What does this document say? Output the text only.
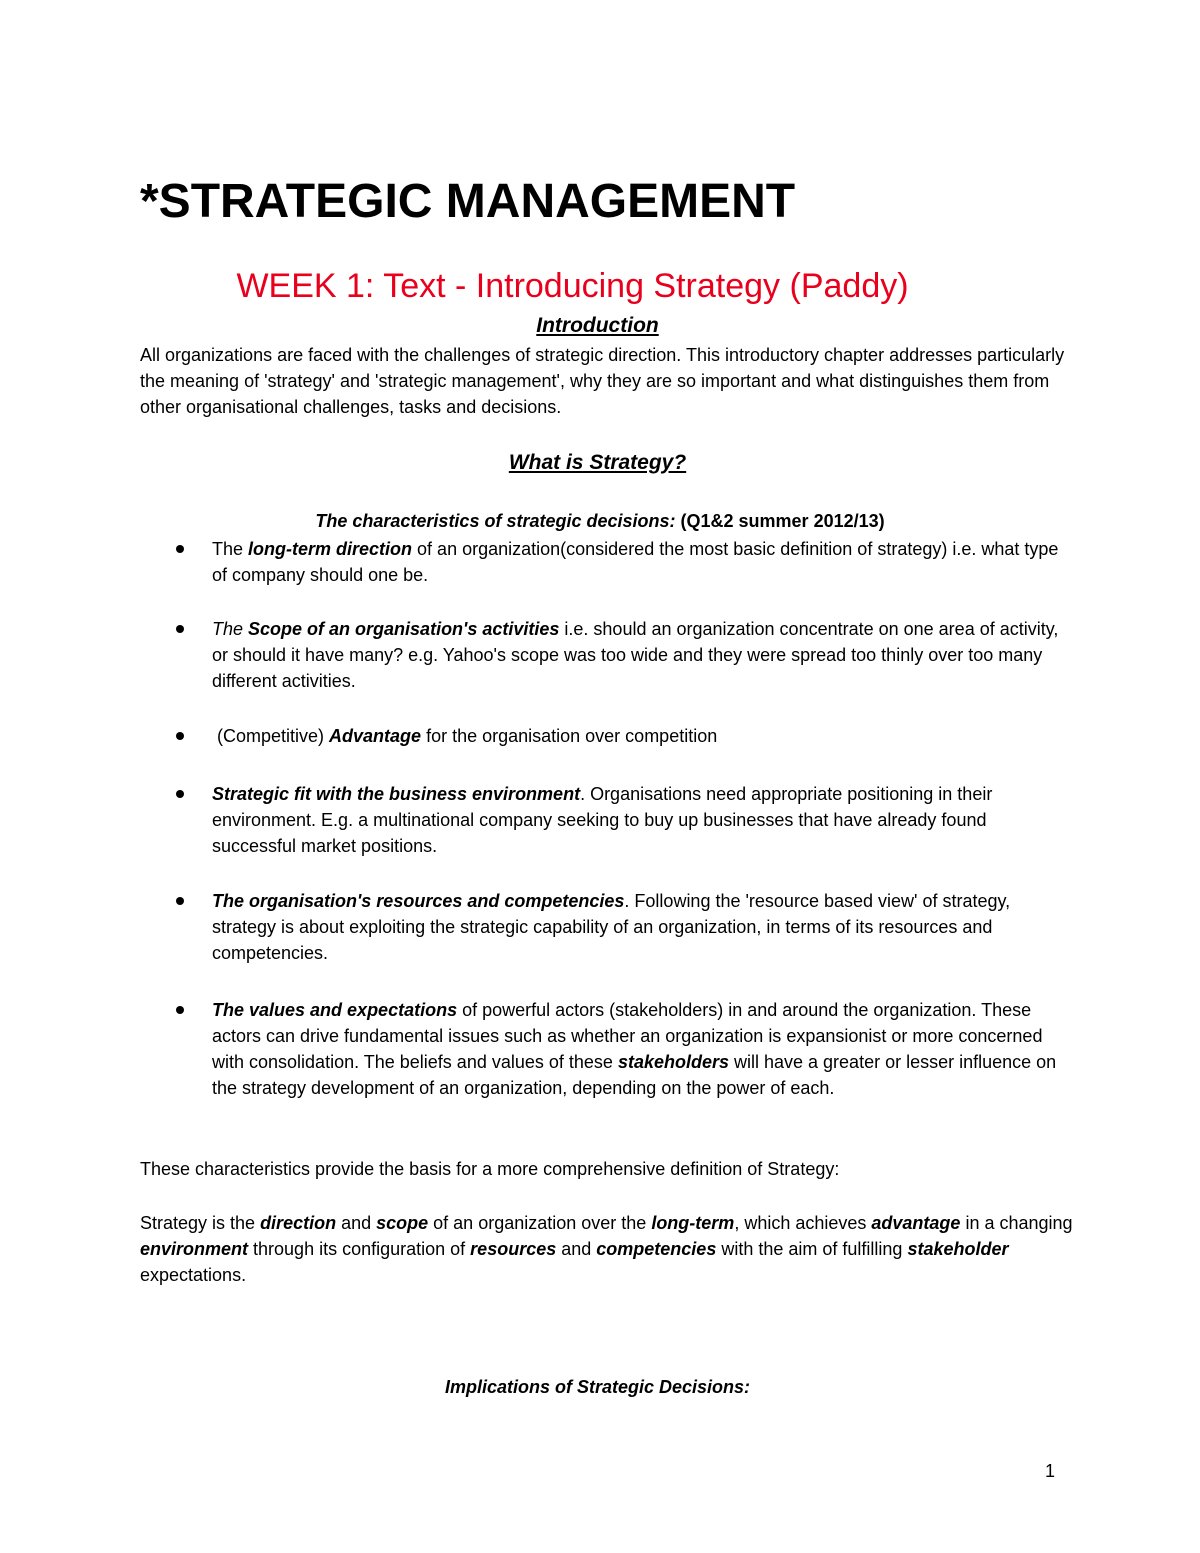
*STRATEGIC MANAGEMENT
WEEK 1: Text - Introducing Strategy (Paddy)
Introduction

All organizations are faced with the challenges of strategic direction. This introductory chapter addresses particularly the meaning of 'strategy' and 'strategic management', why they are so important and what distinguishes them from other organisational challenges, tasks and decisions.

What is Strategy?

The characteristics of strategic decisions: (Q1&2 summer 2012/13)

The long-term direction of an organization(considered the most basic definition of strategy) i.e. what type of company should one be.

The Scope of an organisation's activities i.e. should an organization concentrate on one area of activity, or should it have many? e.g. Yahoo's scope was too wide and they were spread too thinly over too many different activities.

(Competitive) Advantage for the organisation over competition

Strategic fit with the business environment. Organisations need appropriate positioning in their environment. E.g. a multinational company seeking to buy up businesses that have already found successful market positions.

The organisation's resources and competencies. Following the 'resource based view' of strategy, strategy is about exploiting the strategic capability of an organization, in terms of its resources and competencies.

The values and expectations of powerful actors (stakeholders) in and around the organization. These actors can drive fundamental issues such as whether an organization is expansionist or more concerned with consolidation. The beliefs and values of these stakeholders will have a greater or lesser influence on the strategy development of an organization, depending on the power of each.

These characteristics provide the basis for a more comprehensive definition of Strategy:

Strategy is the direction and scope of an organization over the long-term, which achieves advantage in a changing environment through its configuration of resources and competencies with the aim of fulfilling stakeholder expectations.

Implications of Strategic Decisions:
1
